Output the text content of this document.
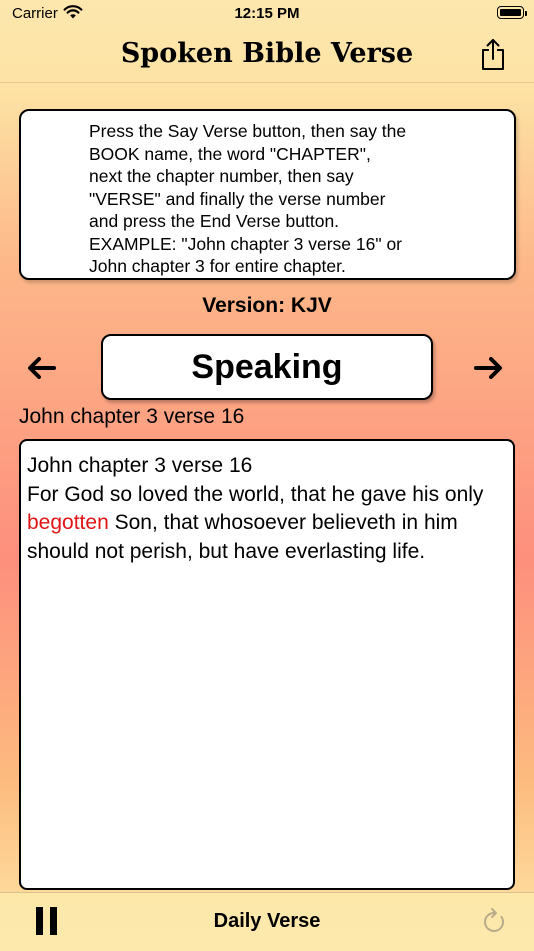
Carrier	12:15 PM
Spoken Bible Verse
Press the Say Verse button, then say the
BOOK name, the word "CHAPTER",
next the chapter number, then say
"VERSE" and finally the verse number
and press the End Verse button.
EXAMPLE: "John chapter 3 verse 16" or
John chapter 3 for entire chapter.
Version: KJV
Speaking
John chapter 3 verse 16
John chapter 3 verse 16
For God so loved the world, that he gave his only begotten Son, that whosoever believeth in him should not perish, but have everlasting life.
Daily Verse
